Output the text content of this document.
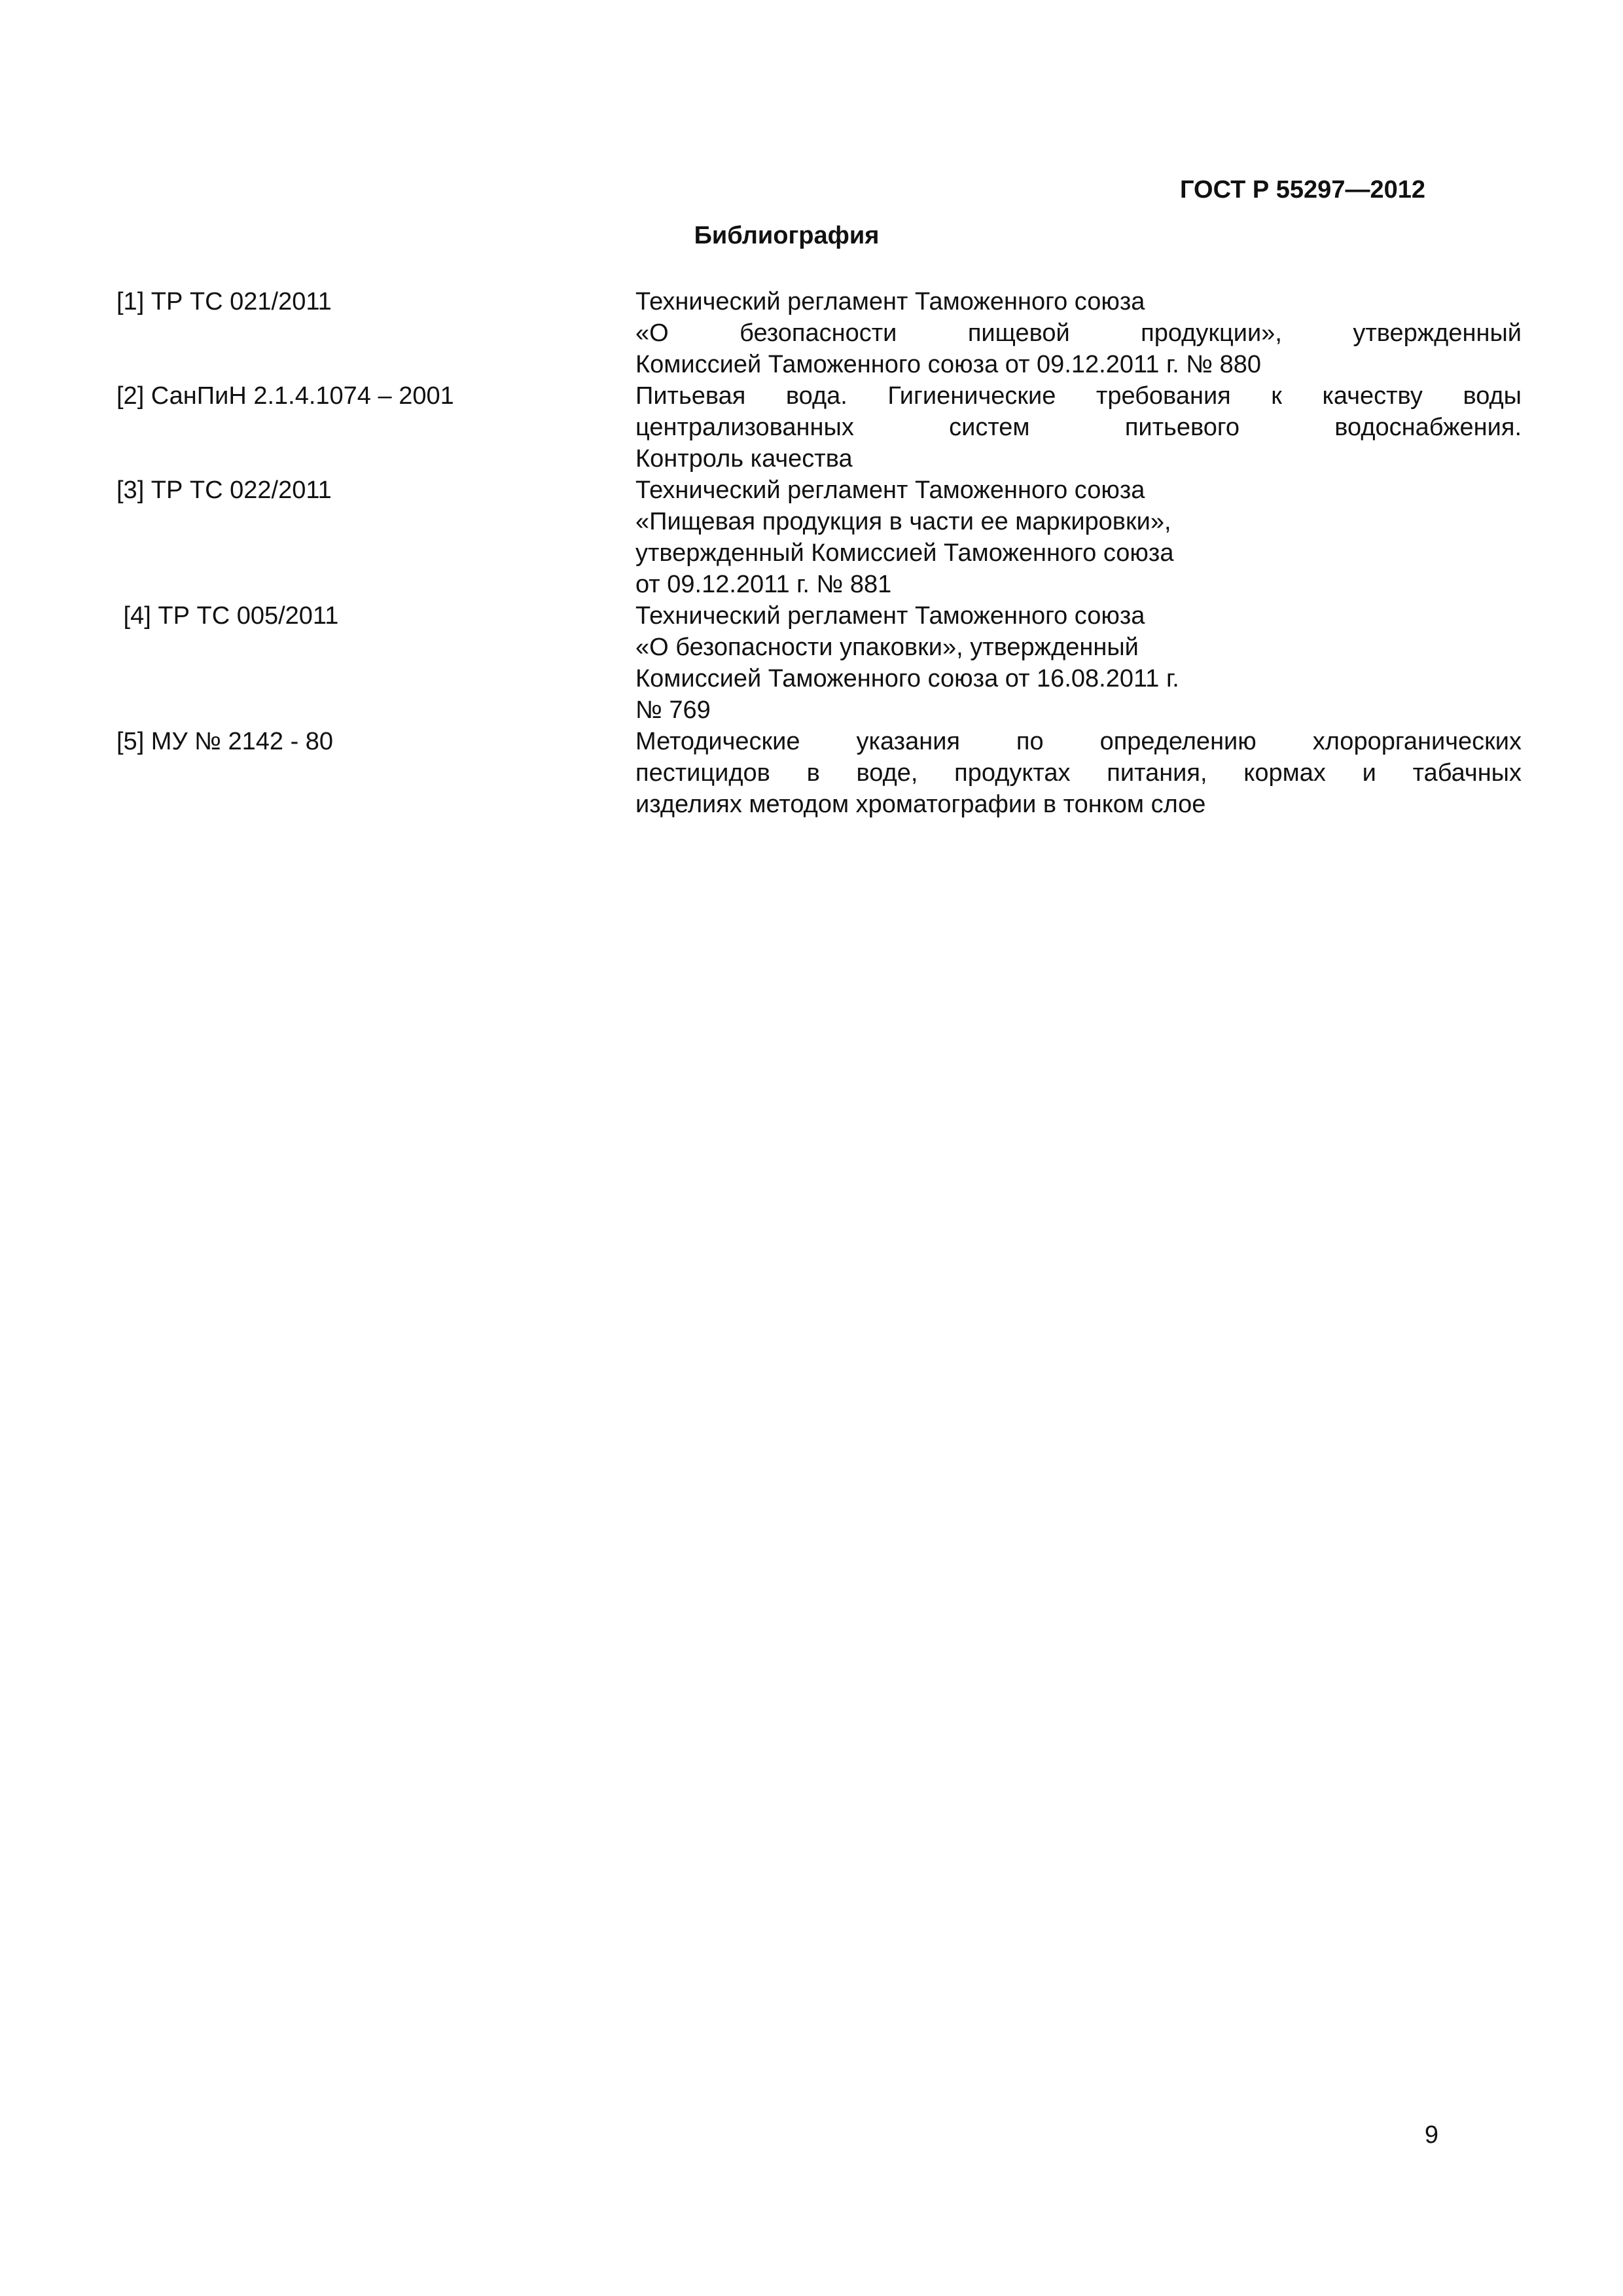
ГОСТ Р 55297—2012
Библиография
[1] ТР ТС 021/2011	Технический регламент Таможенного союза
«О безопасности пищевой продукции», утвержденный
Комиссией Таможенного союза от 09.12.2011 г. № 880
[2] СанПиН 2.1.4.1074 – 2001	Питьевая вода. Гигиенические требования к качеству воды
централизованных систем питьевого водоснабжения.
Контроль качества
[3] ТР ТС 022/2011	Технический регламент Таможенного союза
«Пищевая продукция в части ее маркировки»,
утвержденный Комиссией Таможенного союза
от 09.12.2011 г. № 881
[4] ТР ТС 005/2011	Технический регламент Таможенного союза
«О безопасности упаковки», утвержденный
Комиссией Таможенного союза от 16.08.2011 г.
№ 769
[5] МУ № 2142 - 80	Методические указания по определению хлорорганических
пестицидов в воде, продуктах питания, кормах и табачных
изделиях методом хроматографии в тонком слое
9
